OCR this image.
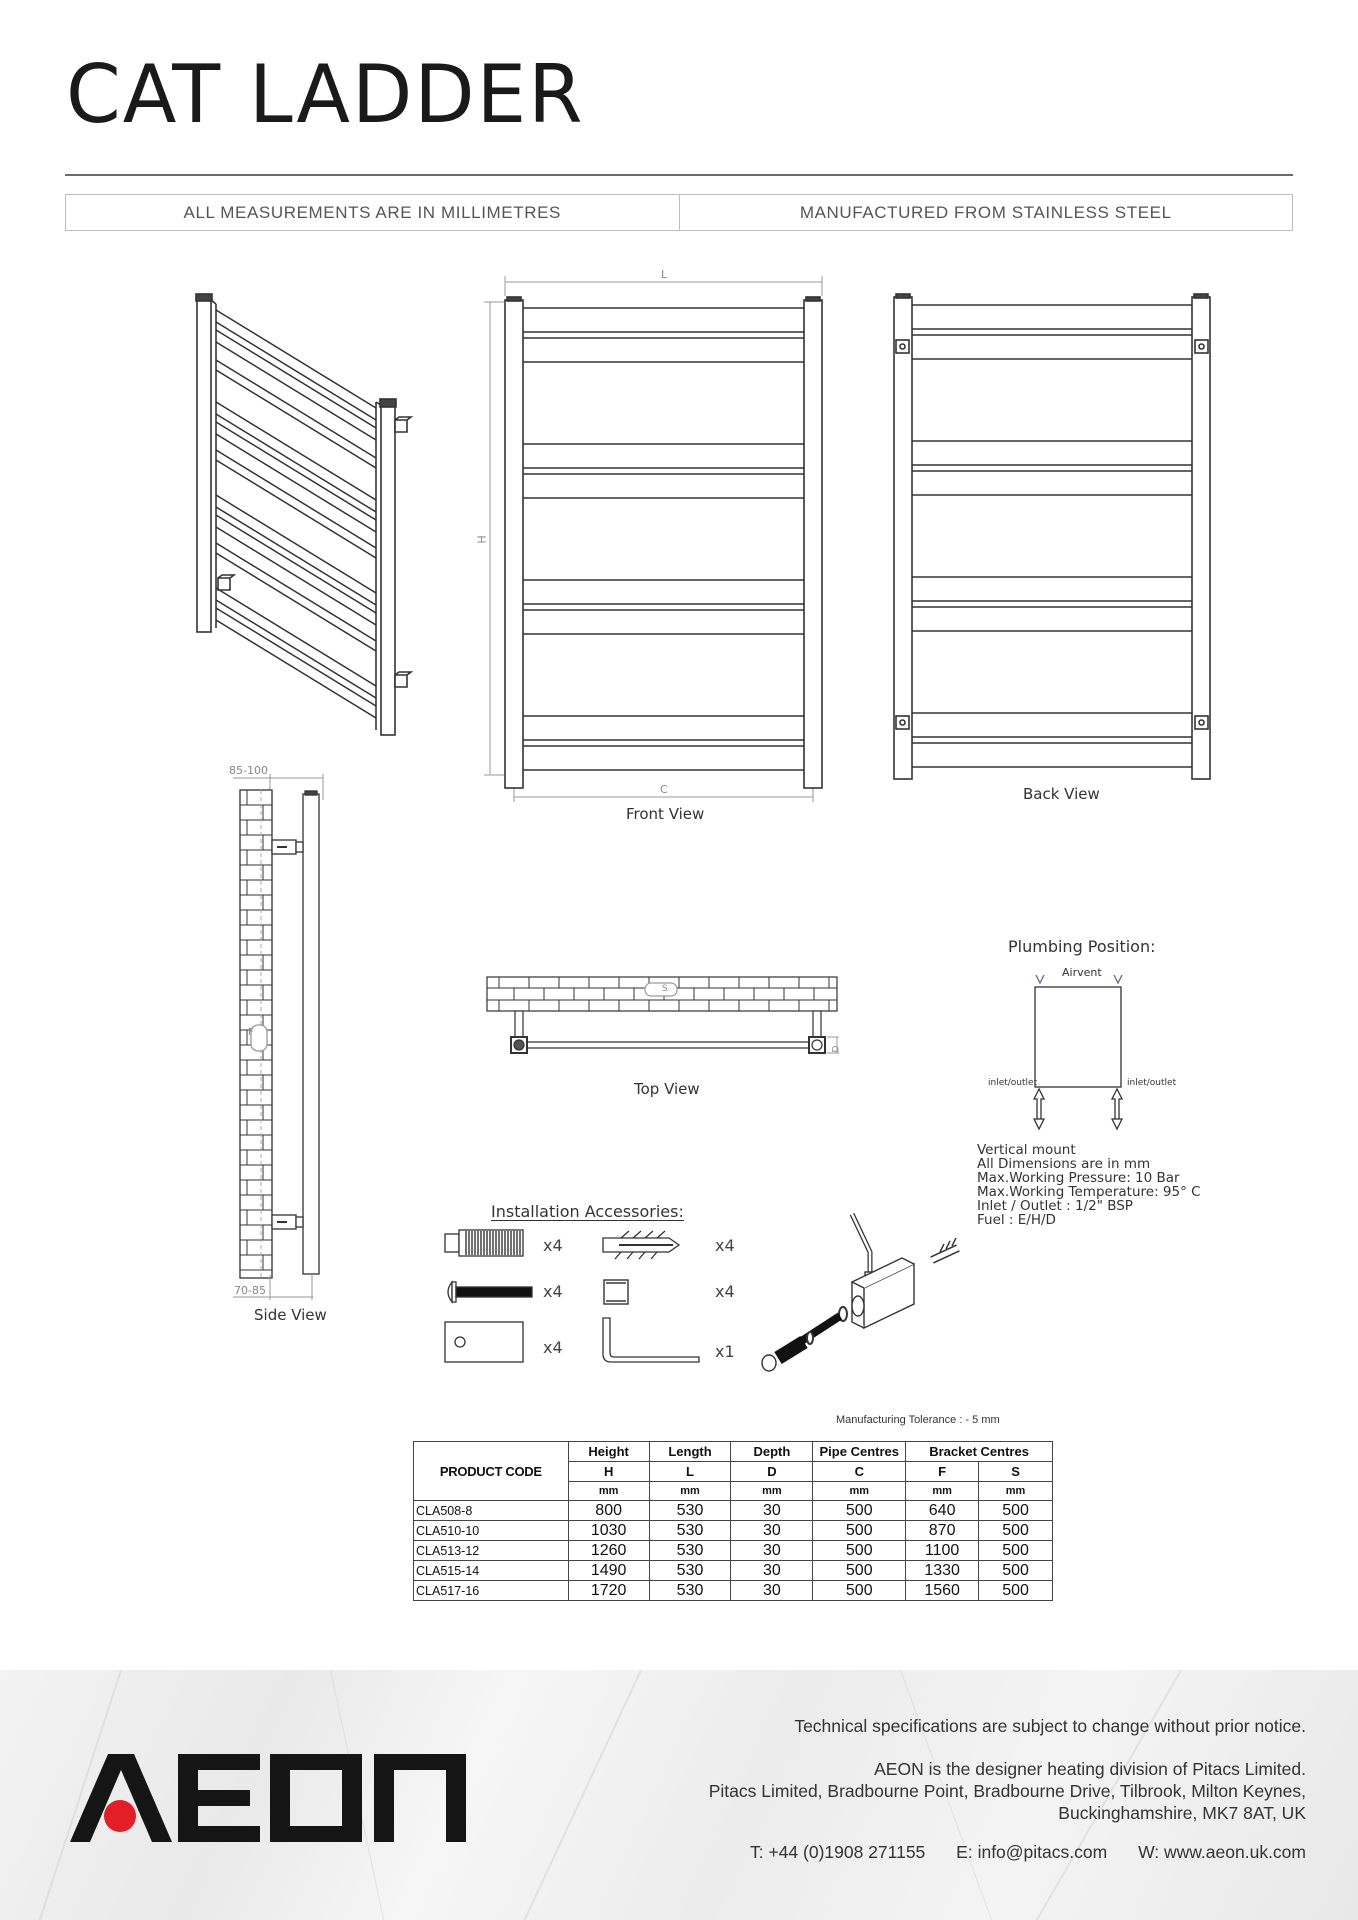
CAT LADDER
ALL MEASUREMENTS ARE IN MILLIMETRES	MANUFACTURED FROM STAINLESS STEEL
L
H
C
Front View
Back View
85-100
F
70-85
Side View
S
D
Top View
Plumbing Position:
Airvent
inlet/outlet	inlet/outlet
Vertical mount
All Dimensions are in mm
Max.Working Pressure: 10 Bar
Max.Working Temperature: 95° C
Inlet / Outlet : 1/2" BSP
Fuel : E/H/D
Installation Accessories:
x4	x4
x4	x4
x4	x1
Manufacturing Tolerance : - 5 mm
PRODUCT CODE	Height	Length	Depth	Pipe Centres	Bracket Centres	
	H	L	D	C	F	S
	mm	mm	mm	mm	mm	mm
CLA508-8	800	530	30	500	640	500
CLA510-10	1030	530	30	500	870	500
CLA513-12	1260	530	30	500	1100	500
CLA515-14	1490	530	30	500	1330	500
CLA517-16	1720	530	30	500	1560	500
Technical specifications are subject to change without prior notice.
AEON is the designer heating division of Pitacs Limited.
Pitacs Limited, Bradbourne Point, Bradbourne Drive, Tilbrook, Milton Keynes,
Buckinghamshire, MK7 8AT, UK
T: +44 (0)1908 271155 E: info@pitacs.com W: www.aeon.uk.com
